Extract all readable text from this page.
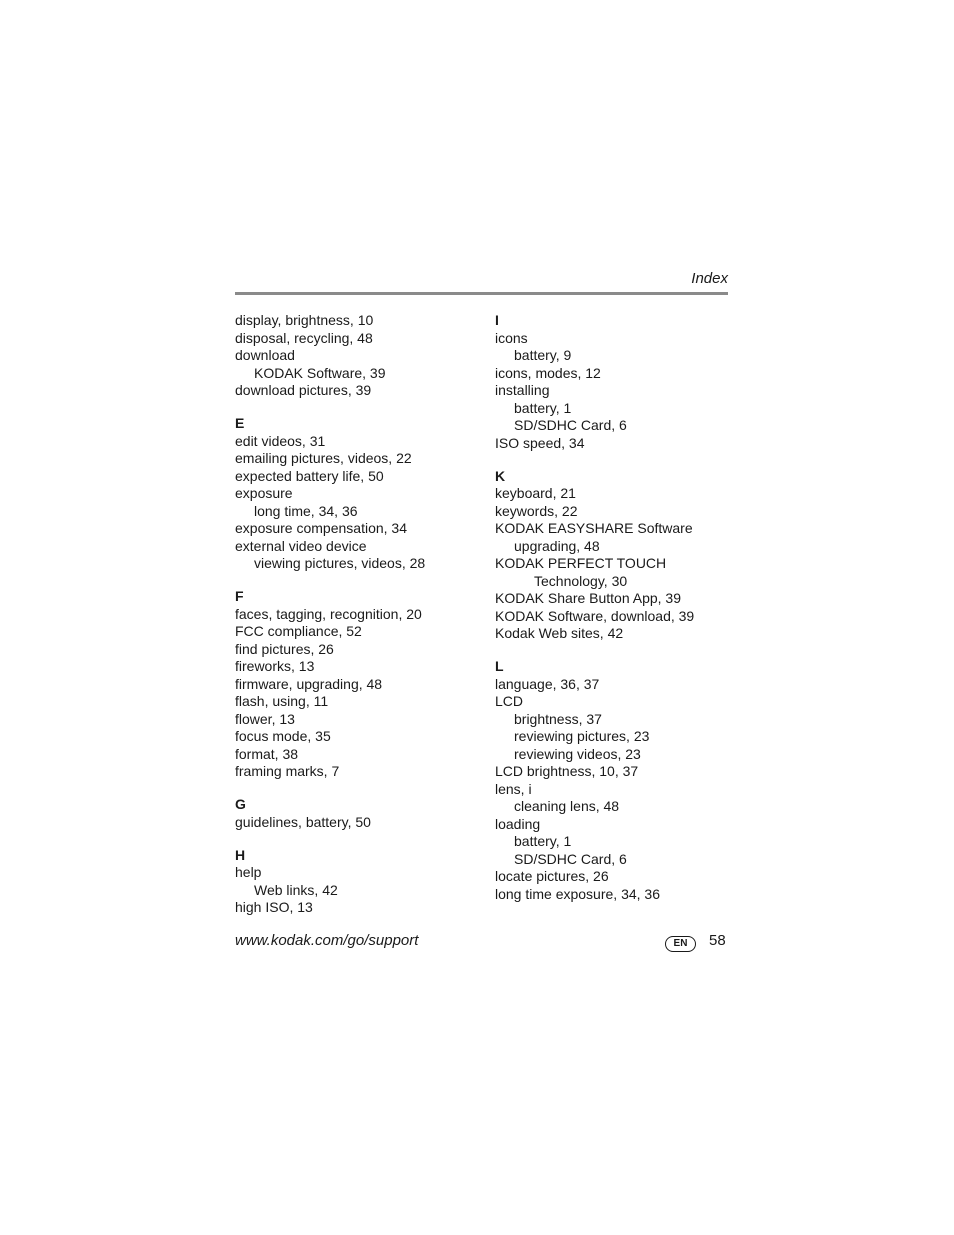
Index
display, brightness, 10
disposal, recycling, 48
download
KODAK Software, 39
download pictures, 39
E
edit videos, 31
emailing pictures, videos, 22
expected battery life, 50
exposure
long time, 34, 36
exposure compensation, 34
external video device
viewing pictures, videos, 28
F
faces, tagging, recognition, 20
FCC compliance, 52
find pictures, 26
fireworks, 13
firmware, upgrading, 48
flash, using, 11
flower, 13
focus mode, 35
format, 38
framing marks, 7
G
guidelines, battery, 50
H
help
Web links, 42
high ISO, 13
I
icons
battery, 9
icons, modes, 12
installing
battery, 1
SD/SDHC Card, 6
ISO speed, 34
K
keyboard, 21
keywords, 22
KODAK EASYSHARE Software
upgrading, 48
KODAK PERFECT TOUCH
Technology, 30
KODAK Share Button App, 39
KODAK Software, download, 39
Kodak Web sites, 42
L
language, 36, 37
LCD
brightness, 37
reviewing pictures, 23
reviewing videos, 23
LCD brightness, 10, 37
lens, i
cleaning lens, 48
loading
battery, 1
SD/SDHC Card, 6
locate pictures, 26
long time exposure, 34, 36
www.kodak.com/go/support	EN	58
